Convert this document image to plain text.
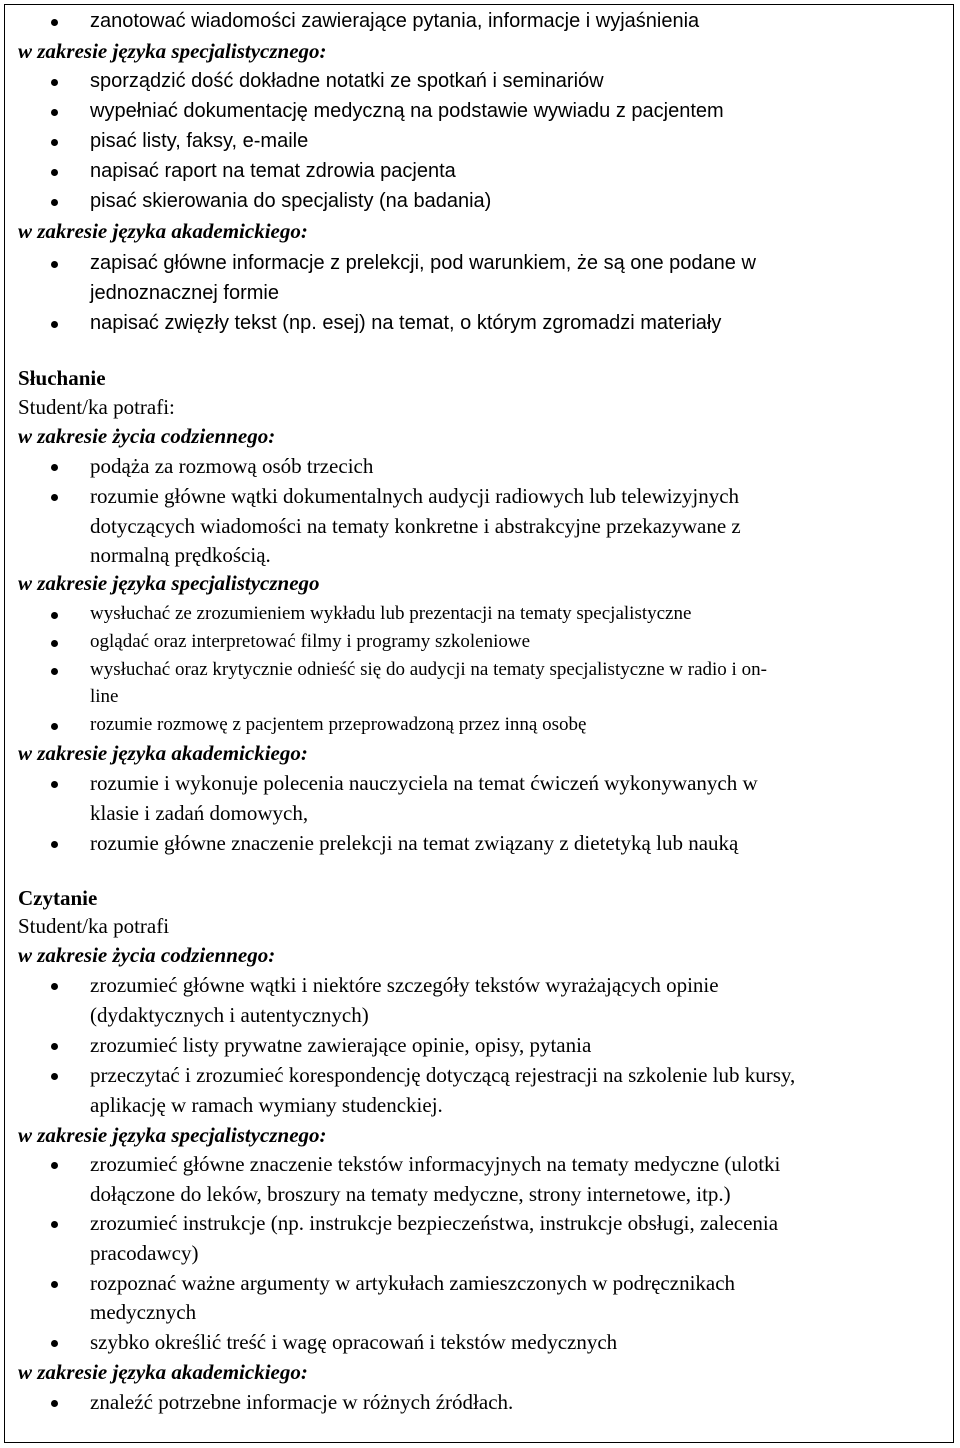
zanotować wiadomości zawierające pytania, informacje i wyjaśnienia
w zakresie języka specjalistycznego:
sporządzić dość dokładne notatki ze spotkań i seminariów
wypełniać dokumentację medyczną na podstawie wywiadu z pacjentem
pisać listy, faksy, e-maile
napisać raport na temat zdrowia pacjenta
pisać skierowania do specjalisty (na badania)
w zakresie języka akademickiego:
zapisać główne informacje z prelekcji, pod warunkiem, że są one podane w
jednoznacznej formie
napisać zwięzły tekst (np. esej) na temat, o którym zgromadzi materiały
Słuchanie
Student/ka potrafi:
w zakresie życia codziennego:
podąża za rozmową osób trzecich
rozumie główne wątki dokumentalnych audycji radiowych lub telewizyjnych
dotyczących wiadomości na tematy konkretne i abstrakcyjne przekazywane z
normalną prędkością.
w zakresie języka specjalistycznego
wysłuchać ze zrozumieniem wykładu lub prezentacji na tematy specjalistyczne
oglądać oraz interpretować filmy i programy szkoleniowe
wysłuchać oraz krytycznie odnieść się do audycji na tematy specjalistyczne w radio i on-
line
rozumie rozmowę z pacjentem przeprowadzoną przez inną osobę
w zakresie języka akademickiego:
rozumie i wykonuje polecenia nauczyciela na temat ćwiczeń wykonywanych w
klasie i zadań domowych,
rozumie główne znaczenie prelekcji na temat związany z dietetyką lub nauką
Czytanie
Student/ka potrafi
w zakresie życia codziennego:
zrozumieć główne wątki i niektóre szczegóły tekstów wyrażających opinie
(dydaktycznych i autentycznych)
zrozumieć listy prywatne zawierające opinie, opisy, pytania
przeczytać i zrozumieć korespondencję dotyczącą rejestracji na szkolenie lub kursy,
aplikację w ramach wymiany studenckiej.
w zakresie języka specjalistycznego:
zrozumieć główne znaczenie tekstów informacyjnych na tematy medyczne (ulotki
dołączone do leków, broszury na tematy medyczne, strony internetowe, itp.)
zrozumieć instrukcje (np. instrukcje bezpieczeństwa, instrukcje obsługi, zalecenia
pracodawcy)
rozpoznać ważne argumenty w artykułach zamieszczonych w podręcznikach
medycznych
szybko określić treść i wagę opracowań i tekstów medycznych
w zakresie języka akademickiego:
znaleźć potrzebne informacje w różnych źródłach.
